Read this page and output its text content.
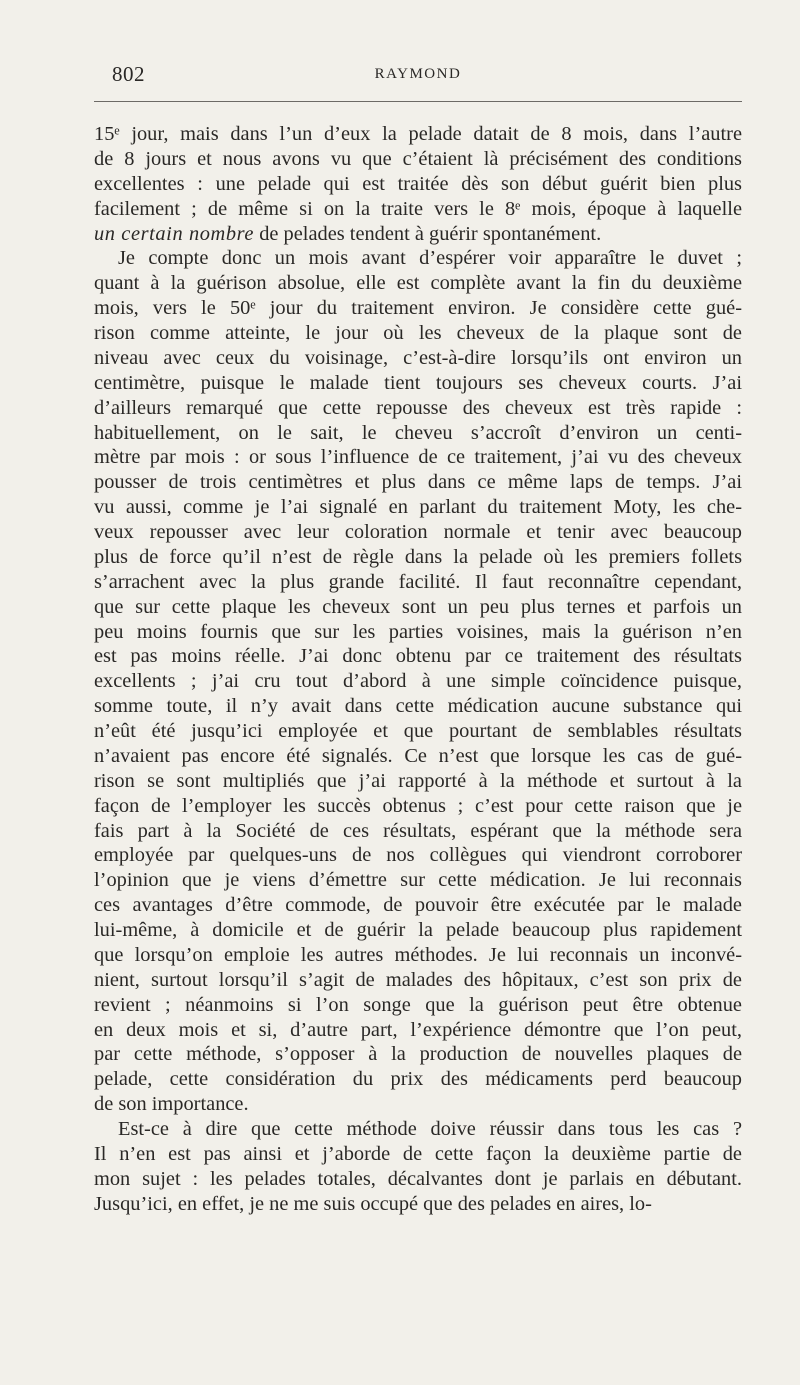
802	RAYMOND
15ᵉ jour, mais dans l’un d’eux la pelade datait de 8 mois, dans l’autre
de 8 jours et nous avons vu que c’étaient là précisément des conditions
excellentes : une pelade qui est traitée dès son début guérit bien plus
facilement ; de même si on la traite vers le 8ᵉ mois, époque à laquelle
un certain nombre de pelades tendent à guérir spontanément.
Je compte donc un mois avant d’espérer voir apparaître le duvet ;
quant à la guérison absolue, elle est complète avant la fin du deuxième
mois, vers le 50ᵉ jour du traitement environ. Je considère cette gué-
rison comme atteinte, le jour où les cheveux de la plaque sont de
niveau avec ceux du voisinage, c’est-à-dire lorsqu’ils ont environ un
centimètre, puisque le malade tient toujours ses cheveux courts. J’ai
d’ailleurs remarqué que cette repousse des cheveux est très rapide :
habituellement, on le sait, le cheveu s’accroît d’environ un centi-
mètre par mois : or sous l’influence de ce traitement, j’ai vu des cheveux
pousser de trois centimètres et plus dans ce même laps de temps. J’ai
vu aussi, comme je l’ai signalé en parlant du traitement Moty, les che-
veux repousser avec leur coloration normale et tenir avec beaucoup
plus de force qu’il n’est de règle dans la pelade où les premiers follets
s’arrachent avec la plus grande facilité. Il faut reconnaître cependant,
que sur cette plaque les cheveux sont un peu plus ternes et parfois un
peu moins fournis que sur les parties voisines, mais la guérison n’en
est pas moins réelle. J’ai donc obtenu par ce traitement des résultats
excellents ; j’ai cru tout d’abord à une simple coïncidence puisque,
somme toute, il n’y avait dans cette médication aucune substance qui
n’eût été jusqu’ici employée et que pourtant de semblables résultats
n’avaient pas encore été signalés. Ce n’est que lorsque les cas de gué-
rison se sont multipliés que j’ai rapporté à la méthode et surtout à la
façon de l’employer les succès obtenus ; c’est pour cette raison que je
fais part à la Société de ces résultats, espérant que la méthode sera
employée par quelques-uns de nos collègues qui viendront corroborer
l’opinion que je viens d’émettre sur cette médication. Je lui reconnais
ces avantages d’être commode, de pouvoir être exécutée par le malade
lui-même, à domicile et de guérir la pelade beaucoup plus rapidement
que lorsqu’on emploie les autres méthodes. Je lui reconnais un inconvé-
nient, surtout lorsqu’il s’agit de malades des hôpitaux, c’est son prix de
revient ; néanmoins si l’on songe que la guérison peut être obtenue
en deux mois et si, d’autre part, l’expérience démontre que l’on peut,
par cette méthode, s’opposer à la production de nouvelles plaques de
pelade, cette considération du prix des médicaments perd beaucoup
de son importance.
Est-ce à dire que cette méthode doive réussir dans tous les cas ?
Il n’en est pas ainsi et j’aborde de cette façon la deuxième partie de
mon sujet : les pelades totales, décalvantes dont je parlais en débutant.
Jusqu’ici, en effet, je ne me suis occupé que des pelades en aires, lo-
